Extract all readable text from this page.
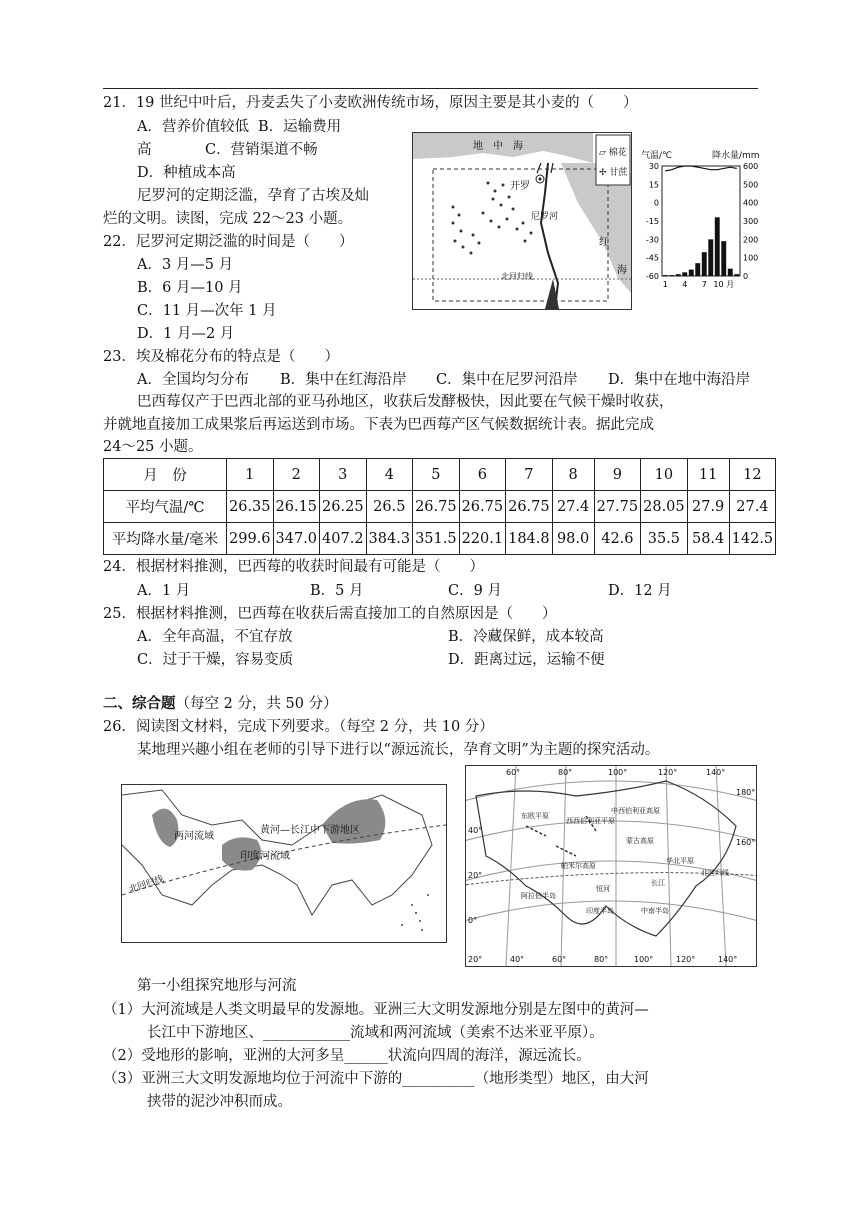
21．19 世纪中叶后，丹麦丢失了小麦欧洲传统市场，原因主要是其小麦的（　　）
A．营养价值较低 B．运输费用
高	C．营销渠道不畅
D．种植成本高
尼罗河的定期泛滥，孕育了古埃及灿
烂的文明。读图，完成 22～23 小题。
22．尼罗河定期泛滥的时间是（　　）
A．3 月—5 月
B．6 月—10 月
C．11 月—次年 1 月
D．1 月—2 月
地　中　海
开罗
尼罗河
红
海
北回归线
▱ 棉花
✢ 甘蔗
气温/℃	降水量/mm
30
15
0
-15
-30
-45
-60
600
500
400
300
200
100
0
1 4 7 10 月
23．埃及棉花分布的特点是（　　）
A．全国均匀分布 B．集中在红海沿岸 C．集中在尼罗河沿岸 D．集中在地中海沿岸
巴西莓仅产于巴西北部的亚马孙地区，收获后发酵极快，因此要在气候干燥时收获，
并就地直接加工成果浆后再运送到市场。下表为巴西莓产区气候数据统计表。据此完成
24～25 小题。
月　份	1	2	3	4	5	6	7	8	9	10	11	12
平均气温/℃	26.35	26.15	26.25	26.5	26.75	26.75	26.75	27.4	27.75	28.05	27.9	27.4
平均降水量/毫米	299.6	347.0	407.2	384.3	351.5	220.1	184.8	98.0	42.6	35.5	58.4	142.5
24．根据材料推测，巴西莓的收获时间最有可能是（　　）
A．1 月	B．5 月	C．9 月	D．12 月
25．根据材料推测，巴西莓在收获后需直接加工的自然原因是（　　）
A．全年高温，不宜存放	B．冷藏保鲜，成本较高
C．过于干燥，容易变质	D．距离过远，运输不便
二、综合题（每空 2 分，共 50 分）
26．阅读图文材料，完成下列要求。（每空 2 分，共 10 分）
某地理兴趣小组在老师的引导下进行以“源远流长，孕育文明”为主题的探究活动。
两河流域
黄河—长江中下游地区
印度河流域
北回归线
60°	80°	100°	120°	140°
180°
160°
40°
20°
0°
20°	40°	60°	80°	100°	120°	140°
西西伯利亚平原
东欧平原
中西伯利亚高原
蒙古高原
华北平原
长江
阿拉伯半岛
帕米尔高原
恒河
印度半岛	中南半岛
北回归线
第一小组探究地形与河流
（1）大河流域是人类文明最早的发源地。亚洲三大文明发源地分别是左图中的黄河—
长江中下游地区、____________流域和两河流域（美索不达米亚平原）。
（2）受地形的影响，亚洲的大河多呈______状流向四周的海洋，源远流长。
（3）亚洲三大文明发源地均位于河流中下游的__________（地形类型）地区，由大河
挟带的泥沙冲积而成。
